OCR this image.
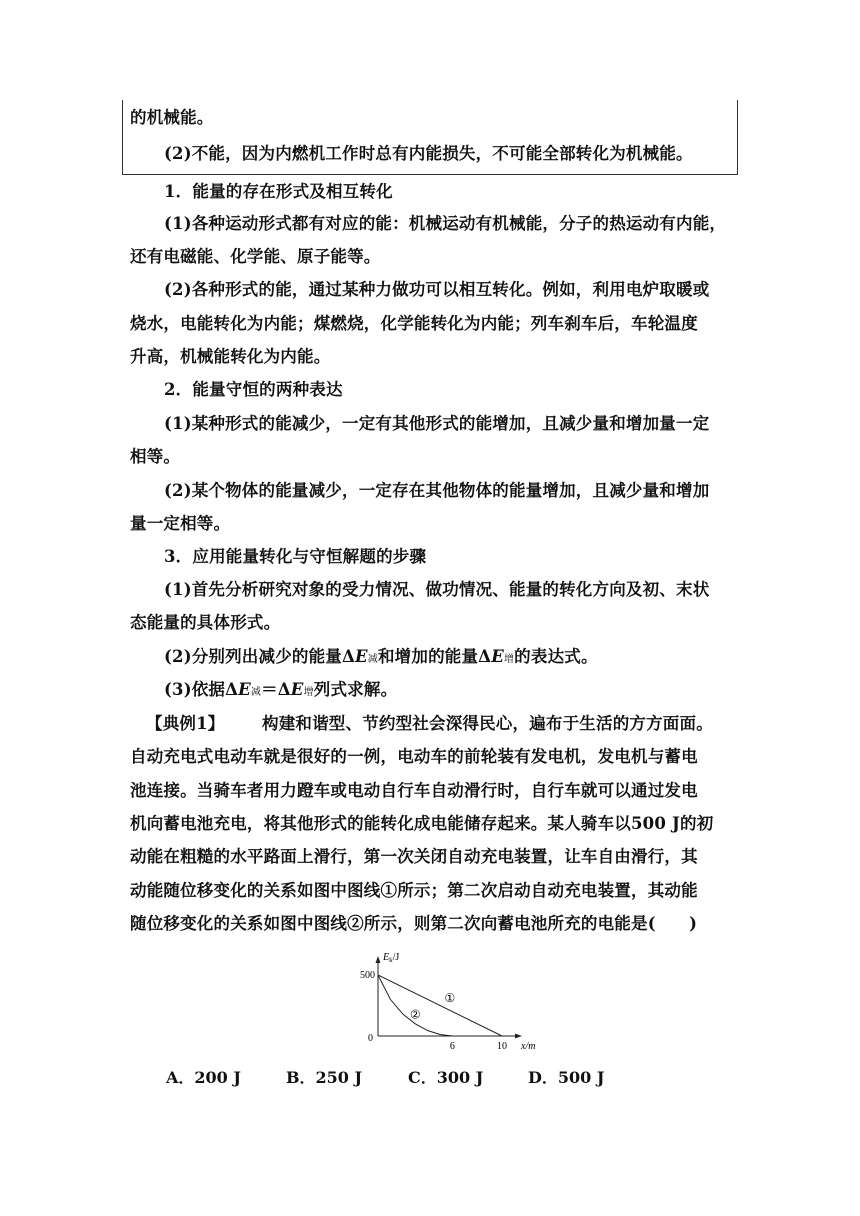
的机械能。
(2)不能，因为内燃机工作时总有内能损失，不可能全部转化为机械能。
1．能量的存在形式及相互转化
(1)各种运动形式都有对应的能：机械运动有机械能，分子的热运动有内能，
还有电磁能、化学能、原子能等。
(2)各种形式的能，通过某种力做功可以相互转化。例如，利用电炉取暖或
烧水，电能转化为内能；煤燃烧，化学能转化为内能；列车刹车后，车轮温度
升高，机械能转化为内能。
2．能量守恒的两种表达
(1)某种形式的能减少，一定有其他形式的能增加，且减少量和增加量一定
相等。
(2)某个物体的能量减少，一定存在其他物体的能量增加，且减少量和增加
量一定相等。
3．应用能量转化与守恒解题的步骤
(1)首先分析研究对象的受力情况、做功情况、能量的转化方向及初、末状
态能量的具体形式。
(2)分别列出减少的能量ΔE减和增加的能量ΔE增的表达式。
(3)依据ΔE减＝ΔE增列式求解。
【典例1】 构建和谐型、节约型社会深得民心，遍布于生活的方方面面。
自动充电式电动车就是很好的一例，电动车的前轮装有发电机，发电机与蓄电
池连接。当骑车者用力蹬车或电动自行车自动滑行时，自行车就可以通过发电
机向蓄电池充电，将其他形式的能转化成电能储存起来。某人骑车以500 J的初
动能在粗糙的水平路面上滑行，第一次关闭自动充电装置，让车自由滑行，其
动能随位移变化的关系如图中图线①所示；第二次启动自动充电装置，其动能
随位移变化的关系如图中图线②所示，则第二次向蓄电池所充的电能是(　　)
$E_k/J$
x/m
500
0
6	10
①
②
A．200 J	B．250 J	C．300 J	D．500 J
